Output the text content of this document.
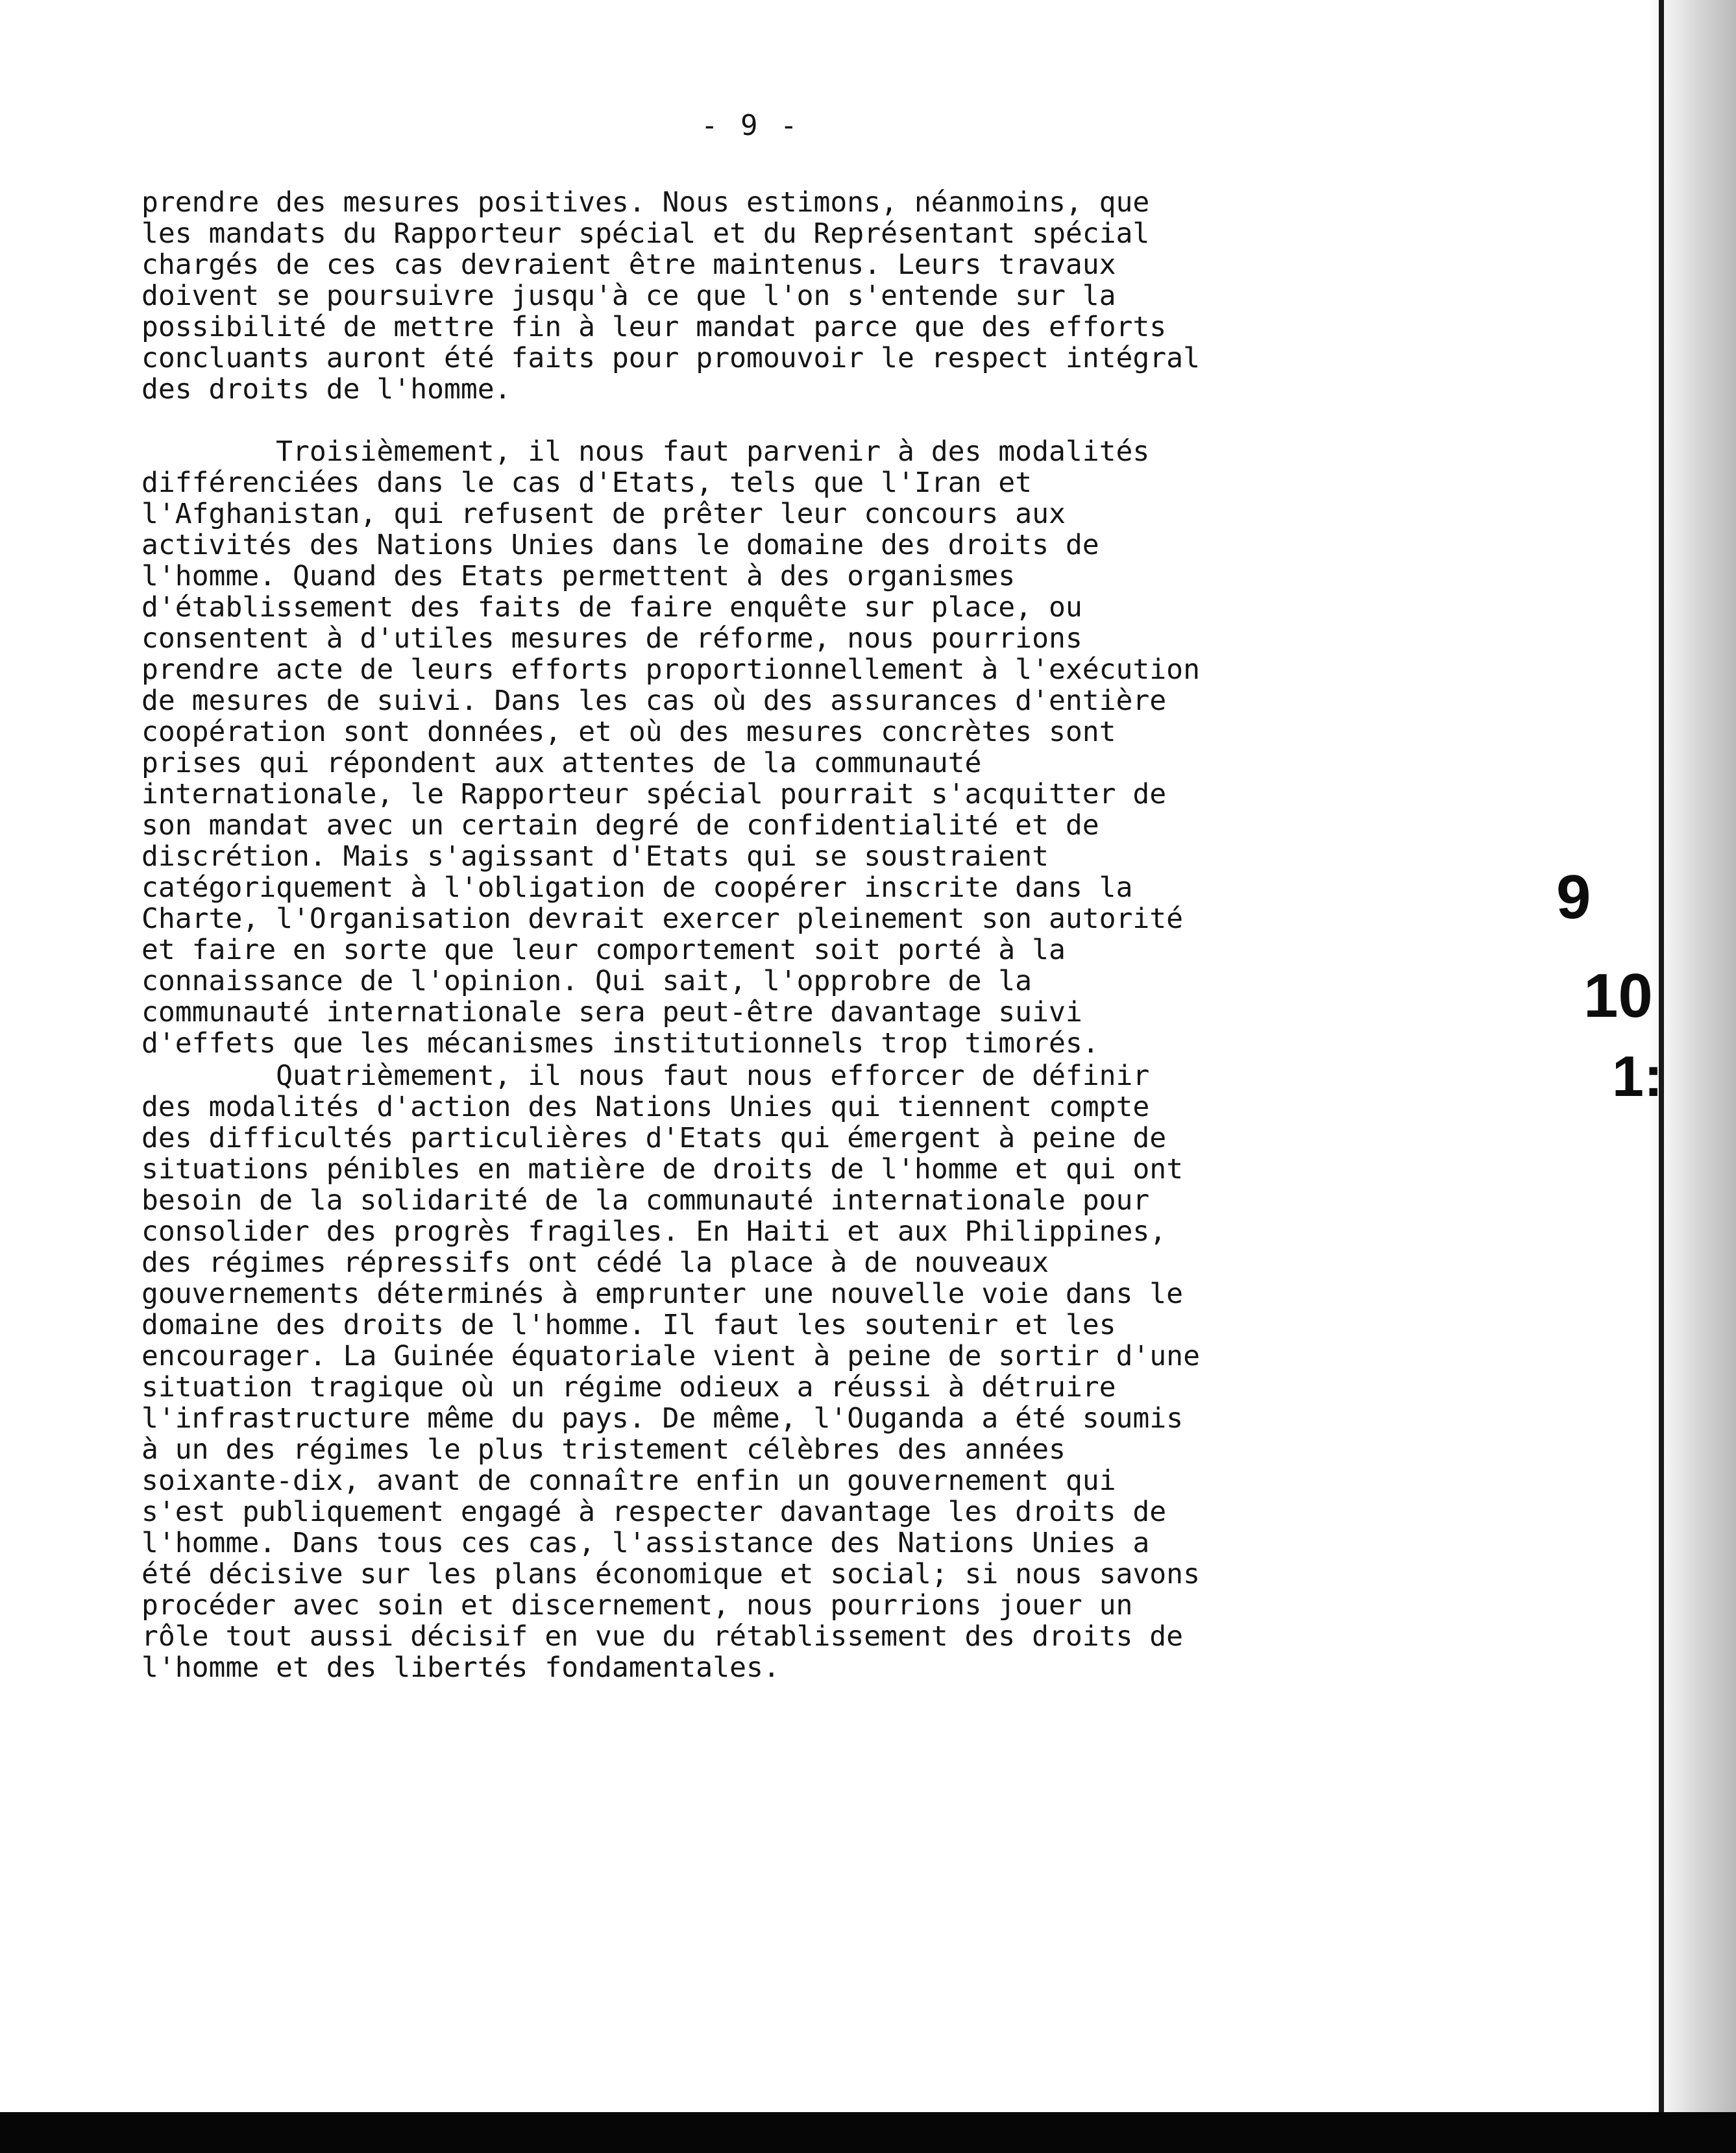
- 9 -
prendre des mesures positives. Nous estimons, néanmoins, que
les mandats du Rapporteur spécial et du Représentant spécial
chargés de ces cas devraient être maintenus. Leurs travaux
doivent se poursuivre jusqu'à ce que l'on s'entende sur la
possibilité de mettre fin à leur mandat parce que des efforts
concluants auront été faits pour promouvoir le respect intégral
des droits de l'homme.
Troisièmement, il nous faut parvenir à des modalités
différenciées dans le cas d'Etats, tels que l'Iran et
l'Afghanistan, qui refusent de prêter leur concours aux
activités des Nations Unies dans le domaine des droits de
l'homme. Quand des Etats permettent à des organismes
d'établissement des faits de faire enquête sur place, ou
consentent à d'utiles mesures de réforme, nous pourrions
prendre acte de leurs efforts proportionnellement à l'exécution
de mesures de suivi. Dans les cas où des assurances d'entière
coopération sont données, et où des mesures concrètes sont
prises qui répondent aux attentes de la communauté
internationale, le Rapporteur spécial pourrait s'acquitter de
son mandat avec un certain degré de confidentialité et de
discrétion. Mais s'agissant d'Etats qui se soustraient
catégoriquement à l'obligation de coopérer inscrite dans la
Charte, l'Organisation devrait exercer pleinement son autorité
et faire en sorte que leur comportement soit porté à la
connaissance de l'opinion. Qui sait, l'opprobre de la
communauté internationale sera peut-être davantage suivi
d'effets que les mécanismes institutionnels trop timorés.
Quatrièmement, il nous faut nous efforcer de définir
des modalités d'action des Nations Unies qui tiennent compte
des difficultés particulières d'Etats qui émergent à peine de
situations pénibles en matière de droits de l'homme et qui ont
besoin de la solidarité de la communauté internationale pour
consolider des progrès fragiles. En Haiti et aux Philippines,
des régimes répressifs ont cédé la place à de nouveaux
gouvernements déterminés à emprunter une nouvelle voie dans le
domaine des droits de l'homme. Il faut les soutenir et les
encourager. La Guinée équatoriale vient à peine de sortir d'une
situation tragique où un régime odieux a réussi à détruire
l'infrastructure même du pays. De même, l'Ouganda a été soumis
à un des régimes le plus tristement célèbres des années
soixante-dix, avant de connaître enfin un gouvernement qui
s'est publiquement engagé à respecter davantage les droits de
l'homme. Dans tous ces cas, l'assistance des Nations Unies a
été décisive sur les plans économique et social; si nous savons
procéder avec soin et discernement, nous pourrions jouer un
rôle tout aussi décisif en vue du rétablissement des droits de
l'homme et des libertés fondamentales.
9
10
1:
